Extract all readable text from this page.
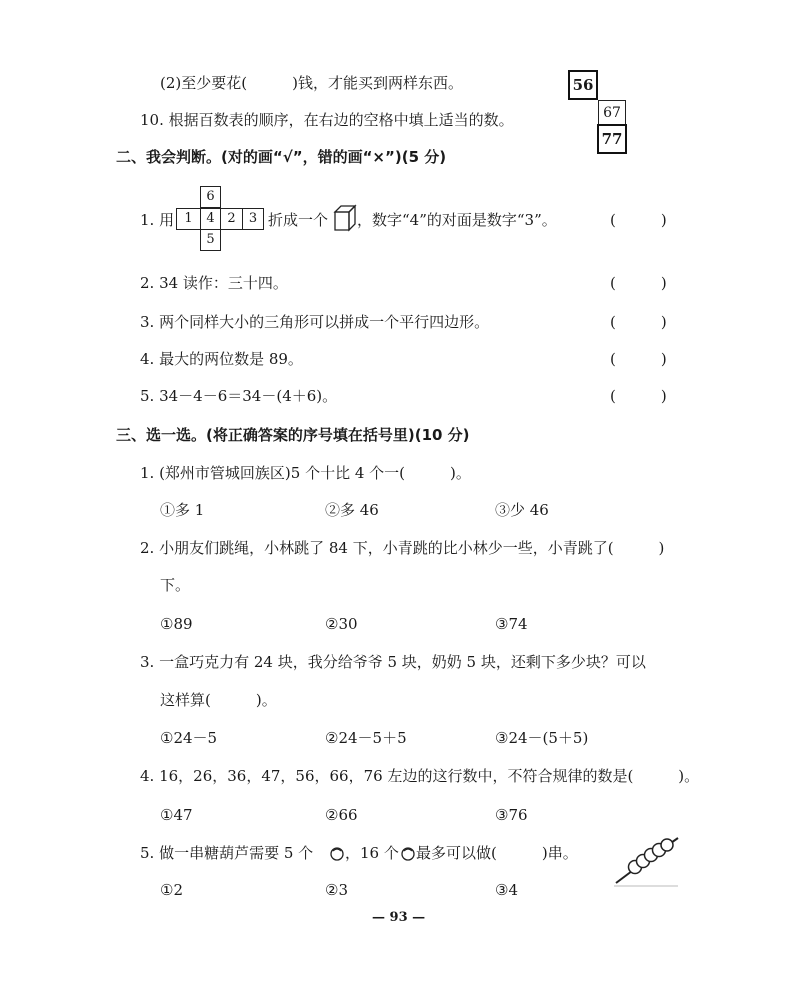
(2)至少要花(　　　)钱，才能买到两样东西。
10. 根据百数表的顺序，在右边的空格中填上适当的数。
56
67
77
二、我会判断。(对的画“√”，错的画“×”)(5 分)
1. 用
6
1	4 2	3
5
折成一个 ，数字“4”的对面是数字“3”。	(　　　)
2. 34 读作：三十四。	(　　　)
3. 两个同样大小的三角形可以拼成一个平行四边形。	(　　　)
4. 最大的两位数是 89。	(　　　)
5. 34－4－6＝34－(4＋6)。	(　　　)
三、选一选。(将正确答案的序号填在括号里)(10 分)
1. (郑州市管城回族区)5 个十比 4 个一(　　　)。
①多 1	②多 46	③少 46
2. 小朋友们跳绳，小林跳了 84 下，小青跳的比小林少一些，小青跳了(　　　)
下。
①89	②30	③74
3. 一盒巧克力有 24 块，我分给爷爷 5 块，奶奶 5 块，还剩下多少块？可以
这样算(　　　)。
①24－5	②24－5＋5	③24－(5＋5)
4. 16，26，36，47，56，66，76 左边的这行数中，不符合规律的数是(　　　)。
①47	②66	③76
5. 做一串糖葫芦需要 5 个 ，16 个 最多可以做(　　　)串。
①2	②3	③4
— 93 —
